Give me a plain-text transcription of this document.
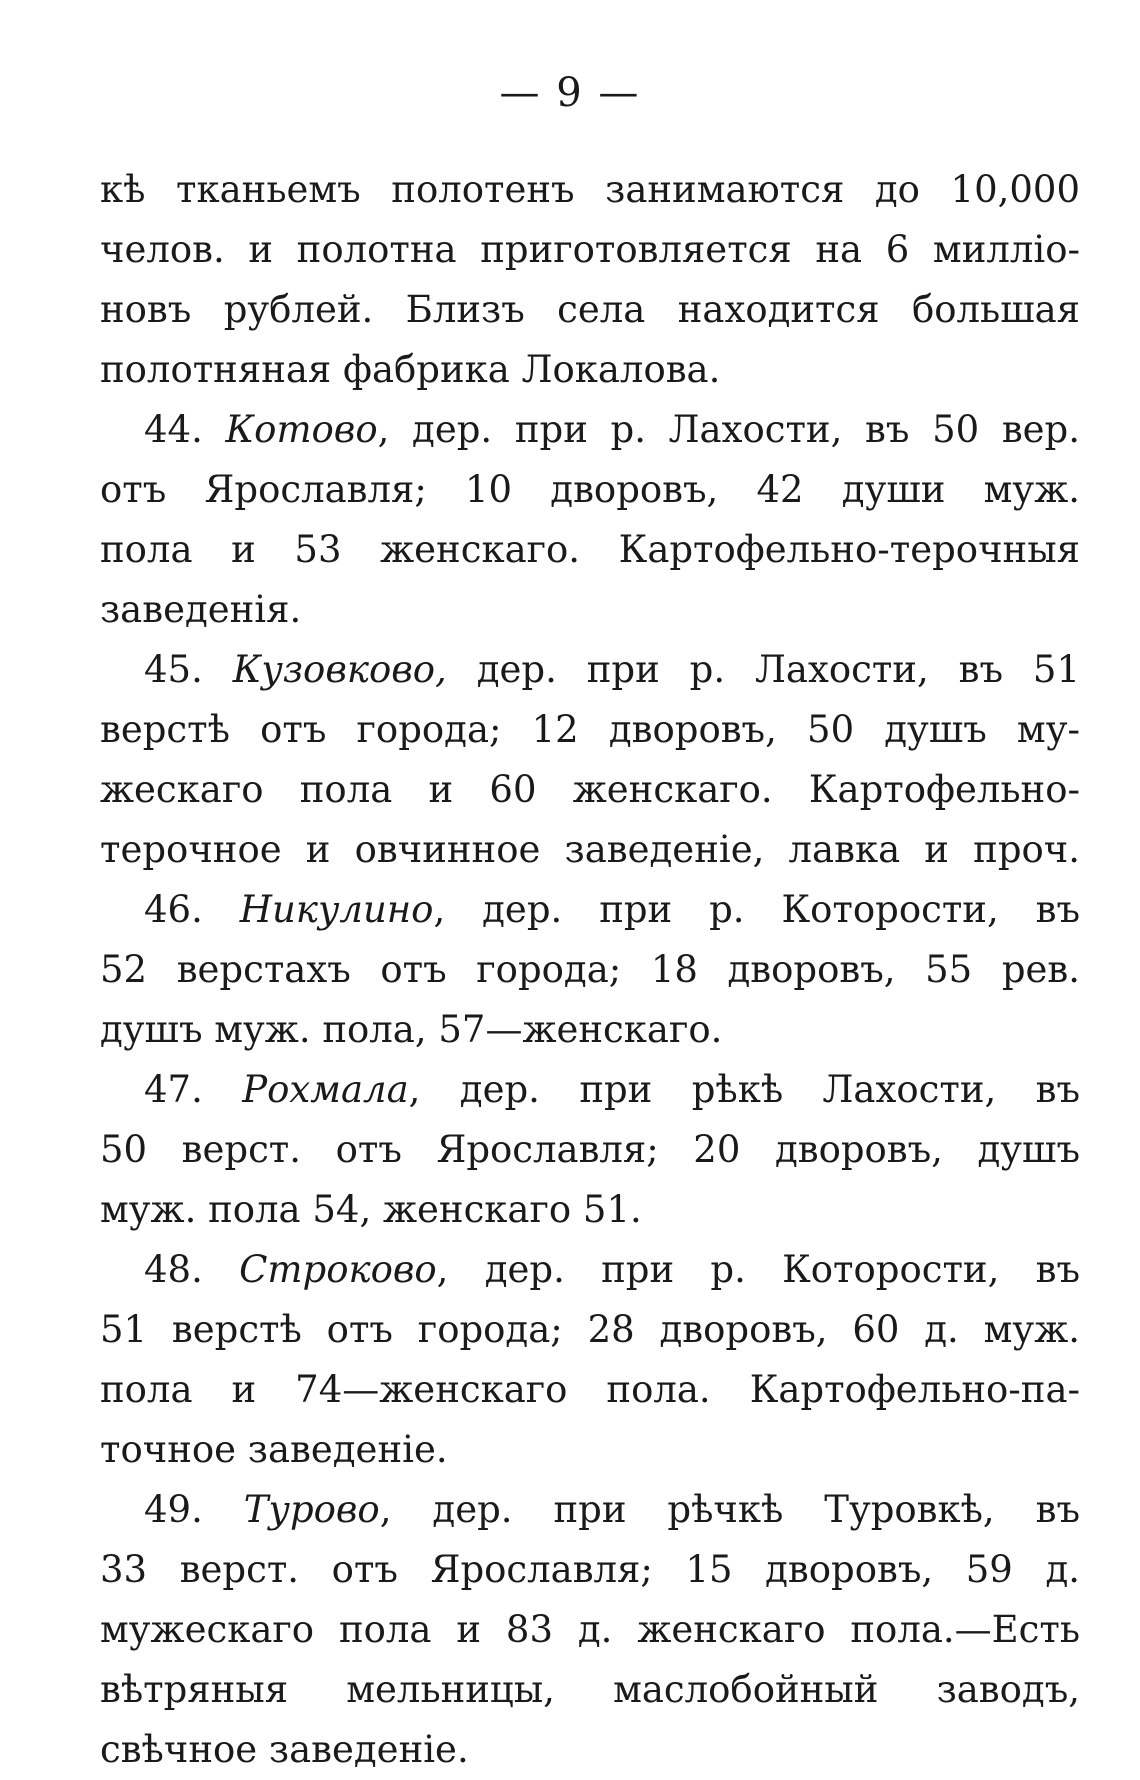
— 9 —
кѣ тканьемъ полотенъ занимаются до 10,000
челов. и полотна приготовляется на 6 милліо-
новъ рублей. Близъ села находится большая
полотняная фабрика Локалова.
44. Котово, дер. при р. Лахости, въ 50 вер.
отъ Ярославля; 10 дворовъ, 42 души муж.
пола и 53 женскаго. Картофельно-терочныя
заведенія.
45. Кузовково, дер. при р. Лахости, въ 51
верстѣ отъ города; 12 дворовъ, 50 душъ му-
жескаго пола и 60 женскаго. Картофельно-
терочное и овчинное заведеніе, лавка и проч.
46. Никулино, дер. при р. Которости, въ
52 верстахъ отъ города; 18 дворовъ, 55 рев.
душъ муж. пола, 57—женскаго.
47. Рохмала, дер. при рѣкѣ Лахости, въ
50 верст. отъ Ярославля; 20 дворовъ, душъ
муж. пола 54, женскаго 51.
48. Строково, дер. при р. Которости, въ
51 верстѣ отъ города; 28 дворовъ, 60 д. муж.
пола и 74—женскаго пола. Картофельно-па-
точное заведеніе.
49. Турово, дер. при рѣчкѣ Туровкѣ, въ
33 верст. отъ Ярославля; 15 дворовъ, 59 д.
мужескаго пола и 83 д. женскаго пола.—Есть
вѣтряныя мельницы, маслобойный заводъ,
свѣчное заведеніе.
